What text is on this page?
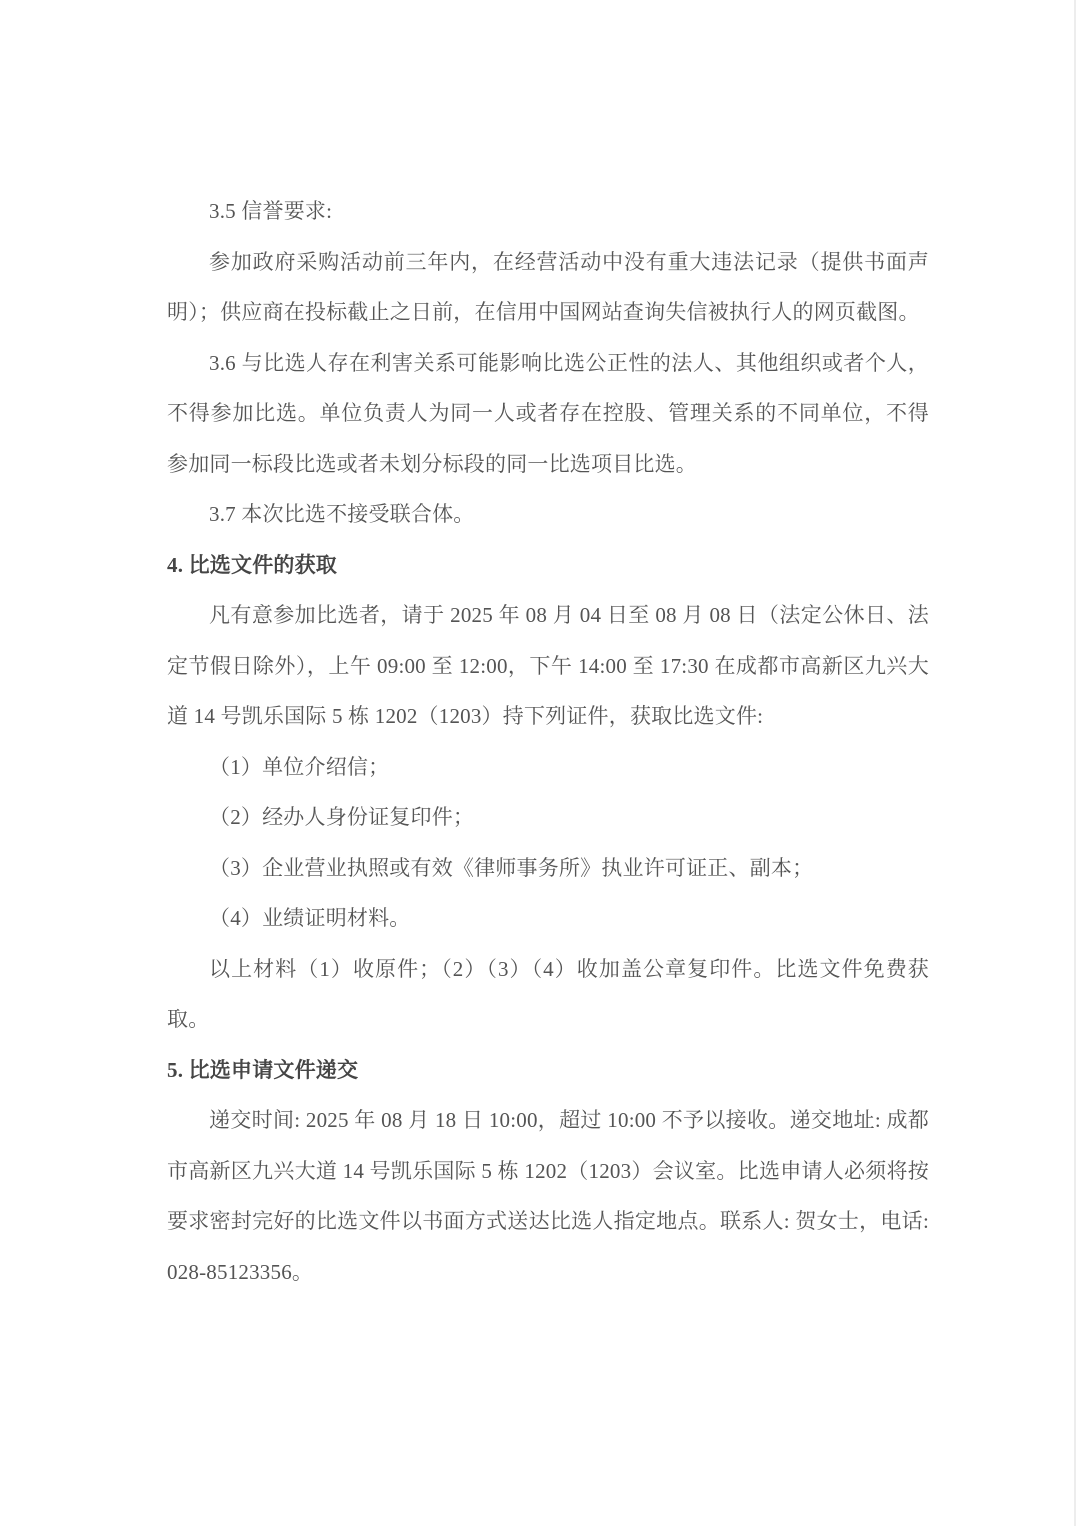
3.5 信誉要求:

参加政府采购活动前三年内，在经营活动中没有重大违法记录（提供书面声明）；供应商在投标截止之日前，在信用中国网站查询失信被执行人的网页截图。

3.6 与比选人存在利害关系可能影响比选公正性的法人、其他组织或者个人，不得参加比选。单位负责人为同一人或者存在控股、管理关系的不同单位，不得参加同一标段比选或者未划分标段的同一比选项目比选。

3.7 本次比选不接受联合体。

4. 比选文件的获取

凡有意参加比选者，请于 2025 年 08 月 04 日至 08 月 08 日（法定公休日、法定节假日除外），上午 09:00 至 12:00，下午 14:00 至 17:30 在成都市高新区九兴大道 14 号凯乐国际 5 栋 1202（1203）持下列证件，获取比选文件:

（1）单位介绍信；

（2）经办人身份证复印件；

（3）企业营业执照或有效《律师事务所》执业许可证正、副本；

（4）业绩证明材料。

以上材料（1）收原件；（2）（3）（4）收加盖公章复印件。比选文件免费获取。

5. 比选申请文件递交

递交时间: 2025 年 08 月 18 日 10:00，超过 10:00 不予以接收。递交地址: 成都市高新区九兴大道 14 号凯乐国际 5 栋 1202（1203）会议室。比选申请人必须将按要求密封完好的比选文件以书面方式送达比选人指定地点。联系人: 贺女士，电话: 028-85123356。
